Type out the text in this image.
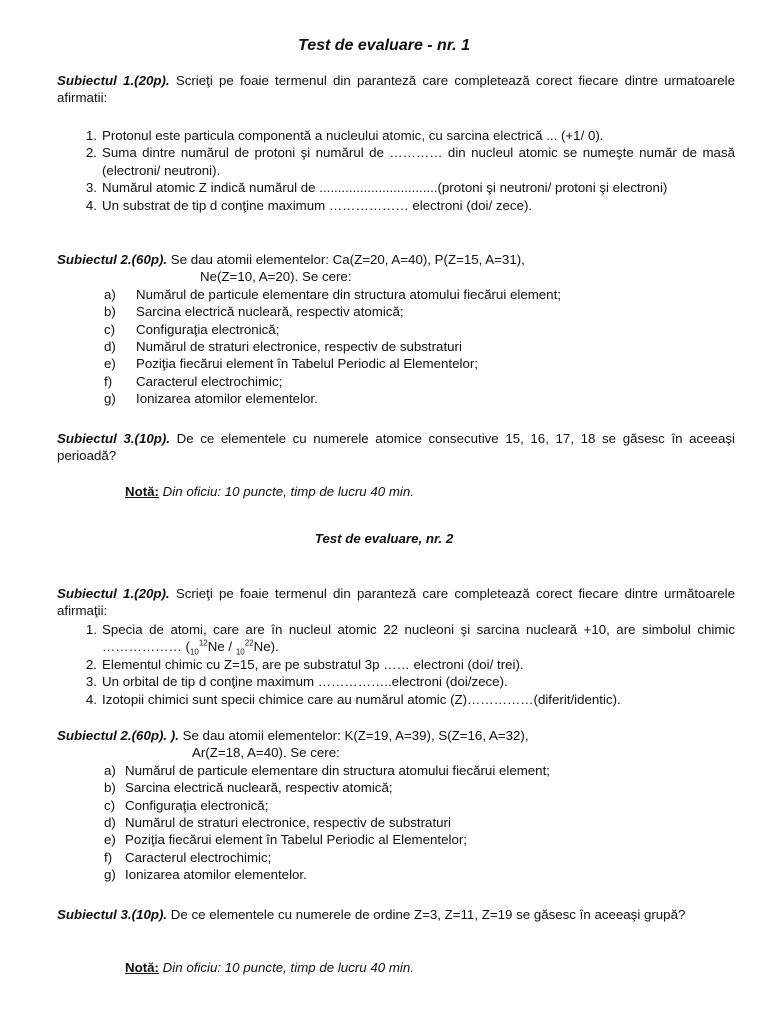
Test de evaluare - nr. 1
Subiectul 1.(20p). Scrieţi pe foaie termenul din paranteză care completează corect fiecare dintre urmatoarele afirmatii:
1. Protonul este particula componentă a nucleului atomic, cu sarcina electrică ... (+1/ 0).
2. Suma dintre numărul de protoni şi numărul de ………… din nucleul atomic se numeşte număr de masă (electroni/ neutroni).
3. Numărul atomic Z indică numărul de ................................(protoni şi neutroni/ protoni şi electroni)
4. Un substrat de tip d conţine maximum ……………… electroni (doi/ zece).
Subiectul 2.(60p). Se dau atomii elementelor: Ca(Z=20, A=40), P(Z=15, A=31),
Ne(Z=10, A=20). Se cere:
a)	Numărul de particule elementare din structura atomului fiecărui element;
b)	Sarcina electrică nucleară, respectiv atomică;
c)	Configuraţia electronică;
d)	Numărul de straturi electronice, respectiv de substraturi
e)	Poziţia fiecărui element în Tabelul Periodic al Elementelor;
f)	Caracterul electrochimic;
g)	Ionizarea atomilor elementelor.
Subiectul 3.(10p). De ce elementele cu numerele atomice consecutive 15, 16, 17, 18 se găsesc în aceeaşi perioadă?
Notă: Din oficiu: 10 puncte, timp de lucru 40 min.
Test de evaluare, nr. 2
Subiectul 1.(20p). Scrieţi pe foaie termenul din paranteză care completează corect fiecare dintre următoarele afirmaţii:
1. Specia de atomi, care are în nucleul atomic 22 nucleoni şi sarcina nucleară +10, are simbolul chimic ……………… $(_{10}^{12}Ne / _{10}^{22}Ne)$.
2. Elementul chimic cu Z=15, are pe substratul 3p …… electroni (doi/ trei).
3. Un orbital de tip d conţine maximum ……………..electroni (doi/zece).
4. Izotopii chimici sunt specii chimice care au numărul atomic (Z)……………(diferit/identic).
Subiectul 2.(60p). ). Se dau atomii elementelor: K(Z=19, A=39), S(Z=16, A=32),
Ar(Z=18, A=40). Se cere:
a) Numărul de particule elementare din structura atomului fiecărui element;
b) Sarcina electrică nucleară, respectiv atomică;
c) Configuraţia electronică;
d) Numărul de straturi electronice, respectiv de substraturi
e) Poziţia fiecărui element în Tabelul Periodic al Elementelor;
f) Caracterul electrochimic;
g) Ionizarea atomilor elementelor.
Subiectul 3.(10p). De ce elementele cu numerele de ordine Z=3, Z=11, Z=19 se găsesc în aceeaşi grupă?
Notă: Din oficiu: 10 puncte, timp de lucru 40 min.
